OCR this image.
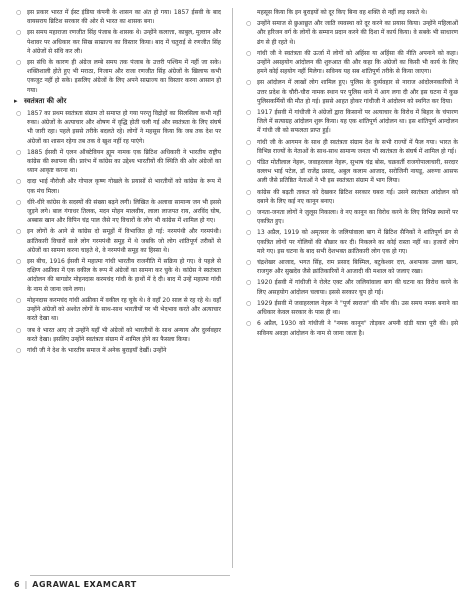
○ इस प्रकार भारत में ईस्ट इंडिया कंपनी के शासन का अंत हो गया। 1857 ईसवी के बाद वायसराय ब्रिटिश सरकार की ओर से भारत का शासक बना।
○ इस समय महाराजा रणजीत सिंह पंजाब के शासक थे। उन्होंने कलात्ता, काबुल, मुल्तान और पेशावर पर अधिकार कर सिख साम्राज्य का विस्तार किया। बाद में चतुराई से रणजीत सिंह ने अंग्रेजों से संधि कर ली।
○ इस संधि के कारण ही अंग्रेज लम्बे समय तक पंजाब के उत्तरी पश्चिम में नहीं जा सके। शक्तिशाली होते हुए भी मराठा, निजाम और राजा रणजीत सिंह अंग्रेजों के खिलाफ कभी एकजुट नहीं हो सके। इसलिए अंग्रेजों के लिए अपने साम्राज्य का विस्तार करना आसान हो गया।
▸ स्वतंत्रता की ओर
○ 1857 का प्रथम स्वतंत्रता संग्राम तो समाप्त हो गया परन्तु विद्रोहों का सिलसिला कभी नहीं रुका। अंग्रेजों के अत्याचार और शोषण में वृद्धि होती चली गई और स्वतंत्रता के लिए संघर्ष भी जारी रहा। पहले इससे तरीके बदलते रहे। लोगों ने महसूस किया कि जब तक देश पर अंग्रेजों का शासन रहेगा तब तक वे खुश नहीं रह पाएंगे।
○ 1885 ईसवी में एलन ऑक्टेवियन ह्यूम नामक एक ब्रिटिश अधिकारी ने भारतीय राष्ट्रीय कांग्रेस की स्थापना की। प्रारंभ में कांग्रेस का उद्देश्य भारतीयों की स्थिति की ओर अंग्रेजों का ध्यान आकृष्ट करना था।
○ दादा भाई नौरोजी और गोपाल कृष्ण गोखले के प्रयासों से भारतीयों को कांग्रेस के रूप में एक मंच मिला।
○ धीरे-धीरे कांग्रेस के सदस्यों की संख्या बढ़ने लगी। लिखित के अलावा सामान्य जन भी इससे जुड़ने लगे। बाल गंगाधर तिलक, मदन मोहन मालवीय, लाला लाजपत राय, अरविंद घोष, अब्बास खान और विपिन चंद्र पाल जैसे नए विचारों के लोग भी कांग्रेस में शामिल हो गए।
○ इन लोगों के आने से कांग्रेस दो समूहों में विभाजित हो गई: नरमपंथी और गरमपंथी। क्रांतिकारी विचारों वाले लोग गरमपंथी समूह में थे जबकि जो लोग शांतिपूर्ण तरीकों से अंग्रेजों का सामना करना चाहते थे, वे नरमपंथी समूह का हिस्सा थे।
○ इस बीच, 1916 ईसवी में महात्मा गांधी भारतीय राजनीति में सक्रिय हो गए। वे पहले से दक्षिण अफ्रीका में एक वकील के रूप में अंग्रेजों का सामना कर चुके थे। कांग्रेस ने स्वतंत्रता आंदोलन की बागडोर मोहनदास करमचंद गांधी के हाथों में दे दी। बाद में उन्हें महात्मा गांधी के नाम से जाना जाने लगा।
○ मोहनदास करमचंद गांधी अफ्रीका में वकील रह चुके थे। वे वहाँ 20 साल से रह रहे थे। वहाँ उन्होंने अंग्रेजों को अश्वेत लोगों के साथ-साथ भारतीयों पर भी भेदभाव करते और अत्याचार करते देखा था।
○ जब वे भारत आए तो उन्होंने यहाँ भी अंग्रेजों को भारतीयों के साथ अन्याय और दुर्व्यवहार करते देखा। इसलिए उन्होंने स्वतंत्रता संग्राम में शामिल होने का फैसला किया।
○ गांधी जी ने देश के भारतीय समाज में अनेक बुराइयाँ देखीं। उन्होंने
महसूस किया कि इन बुराइयों को दूर किए बिना वह शक्ति से नहीं लड़ सकते थे।
○ उन्होंने समाज से छुआछूत और जाति व्यवस्था को दूर करने का प्रयास किया। उन्होंने महिलाओं और हरिजन वर्ग के लोगों के सम्मान प्रदान करने की दिशा में कार्य किया। वे सबके भी साधारण ढंग से ही रहते थे।
○ गांधी जी ने स्वतंत्रता की ऊर्जा में लोगों को अहिंसा या अहिंसा की नीति अपनाने को कहा। उन्होंने असहयोग आंदोलन की शुरुआत की और कहा कि अंग्रेजों का किसी भी कार्य के लिए हमने कोई सहयोग नहीं मिलेगा। सविनय यह सब शांतिपूर्ण तरीके से किया जाएगा।
○ इस आंदोलन में लाखों लोग शामिल हुए। पुलिस के दुर्व्यवहार से नाराज आंदोलनकारियों ने उत्तर प्रदेश के चौरी-चौरा नामक स्थान पर पुलिस थाने में आग लगा दी और इस घटना में कुछ पुलिसकर्मियों की मौत हो गई। इससे आहत होकर गांधीजी ने आंदोलन को स्थगित कर दिया।
○ 1917 ईसवी में गांधीजी ने अंग्रेजों द्वारा किसानों पर अत्याचार के विरोध में बिहार के चंपारण जिले में सत्याग्रह आंदोलन शुरू किया। यह एक शांतिपूर्ण आंदोलन था। इस शांतिपूर्ण आन्दोलन में गांधी जी को सफलता प्राप्त हुई।
○ गांधी जी के आगमन के साथ ही स्वतंत्रता संग्राम देश के सभी राज्यों में फैल गया। भारत के विभिन्न राज्यों के नेताओं के साथ-साथ सामान्य जनता भी स्वतंत्रता के संघर्ष में शामिल हो गई।
○ पंडित मोतीलाल नेहरू, जवाहरलाल नेहरू, सुभाष चंद्र बोस, चक्रवर्ती राजगोपालाचारी, सरदार वल्लभ भाई पटेल, डॉ राजेंद्र प्रसाद, अबुल कलाम आजाद, सरोजिनी नायडू, अरुणा आसफ अली जैसे प्रतिष्ठित नेताओं ने भी इस स्वतंत्रता संग्राम में भाग लिया।
○ कांग्रेस की बढ़ती ताकत को देखकर ब्रिटिश सरकार घबरा गई। उसने स्वतंत्रता आंदोलन को दबाने के लिए कई नए कानून बनाए।
○ जनता-जनता लोगों ने जुलूस निकाला। वे नए कानून का विरोध करने के लिए विभिन्न स्थानों पर एकत्रित हुए।
○ 13 अप्रैल, 1919 को अमृतसर के जलियांवाला बाग में ब्रिटिश सैनिकों ने शांतिपूर्ण ढंग से एकत्रित लोगों पर गोलियों की बौछार कर दी। निकलने का कोई रास्ता नहीं था। हजारों लोग मारे गए। इस घटना के बाद सभी देशभक्त क्रांतिकारी लोग एक हो गए।
○ चंद्रशेखर आजाद, भगत सिंह, राम प्रसाद बिस्मिल, बटुकेश्वर दत्त, अशफाक उल्ला खान, राजगुरु और सुखदेव जैसे क्रांतिकारियों ने आजादी की मशाल को जलाए रखा।
○ 1920 ईसवी में गांधीजी ने रोलेट एक्ट और जलियांवाला बाग की घटना का विरोध करने के लिए असहयोग आंदोलन चलाया। इससे सरकार चुप हो गई।
○ 1929 ईसवी में जवाहरलाल नेहरू ने "पूर्ण स्वराज" की माँग की। उस समय नमक बनाने का अधिकार केवल सरकार के पास ही था।
○ 6 अप्रैल, 1930 को गांधीजी ने "नमक कानून" तोड़कर अपनी दांडी यात्रा पूरी की। इसे सविनय अवज्ञा आंदोलन के नाम से जाना जाता है।
6 | AGRAWAL EXAMCART
